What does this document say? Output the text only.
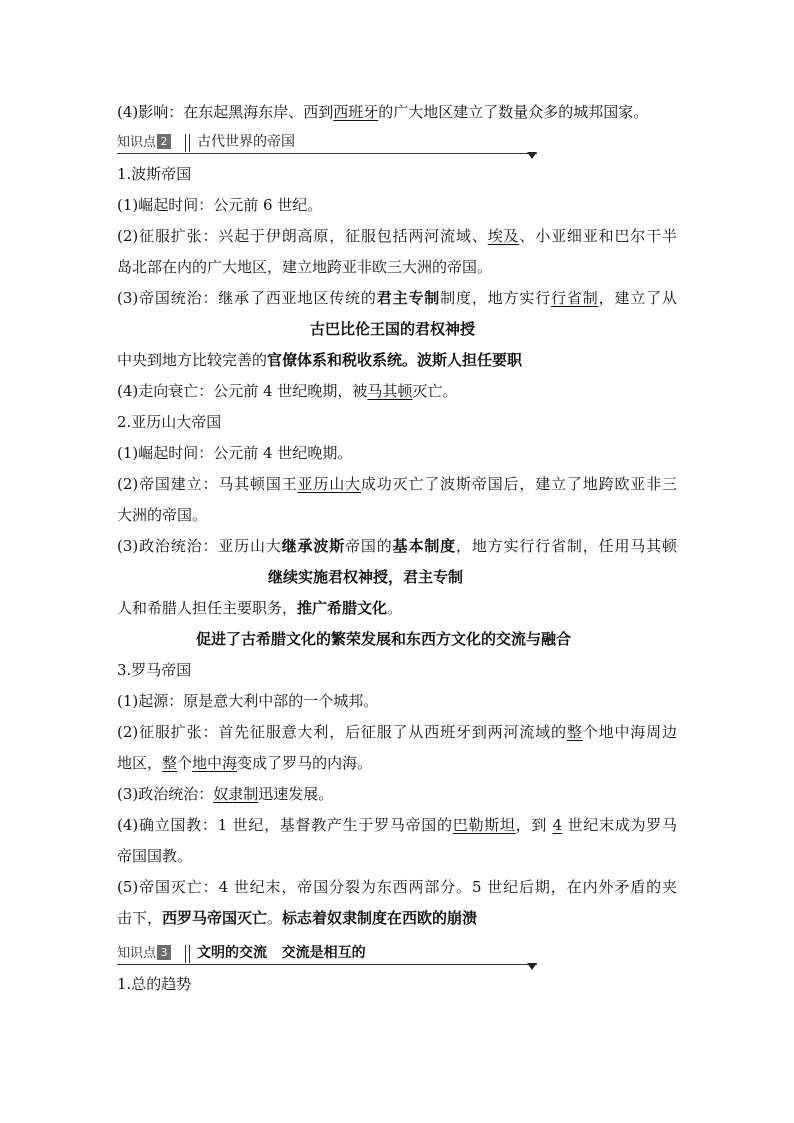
(4)影响：在东起黑海东岸、西到西班牙的广大地区建立了数量众多的城邦国家。
知识点 2 古代世界的帝国
1.波斯帝国
(1)崛起时间：公元前 6 世纪。
(2)征服扩张：兴起于伊朗高原，征服包括两河流域、埃及、小亚细亚和巴尔干半
岛北部在内的广大地区，建立地跨亚非欧三大洲的帝国。
(3)帝国统治：继承了西亚地区传统的君主专制制度，地方实行行省制，建立了从
古巴比伦王国的君权神授
中央到地方比较完善的官僚体系和税收系统。波斯人担任要职
(4)走向衰亡：公元前 4 世纪晚期，被马其顿灭亡。
2.亚历山大帝国
(1)崛起时间：公元前 4 世纪晚期。
(2)帝国建立：马其顿国王亚历山大成功灭亡了波斯帝国后，建立了地跨欧亚非三
大洲的帝国。
(3)政治统治：亚历山大继承波斯帝国的基本制度，地方实行行省制，任用马其顿
继续实施君权神授，君主专制
人和希腊人担任主要职务，推广希腊文化。
促进了古希腊文化的繁荣发展和东西方文化的交流与融合
3.罗马帝国
(1)起源：原是意大利中部的一个城邦。
(2)征服扩张：首先征服意大利，后征服了从西班牙到两河流域的整个地中海周边
地区，整个地中海变成了罗马的内海。
(3)政治统治：奴隶制迅速发展。
(4)确立国教：1 世纪，基督教产生于罗马帝国的巴勒斯坦，到 4 世纪末成为罗马
帝国国教。
(5)帝国灭亡：4 世纪末，帝国分裂为东西两部分。5 世纪后期，在内外矛盾的夹
击下，西罗马帝国灭亡。标志着奴隶制度在西欧的崩溃
知识点 3 文明的交流   交流是相互的
1.总的趋势
